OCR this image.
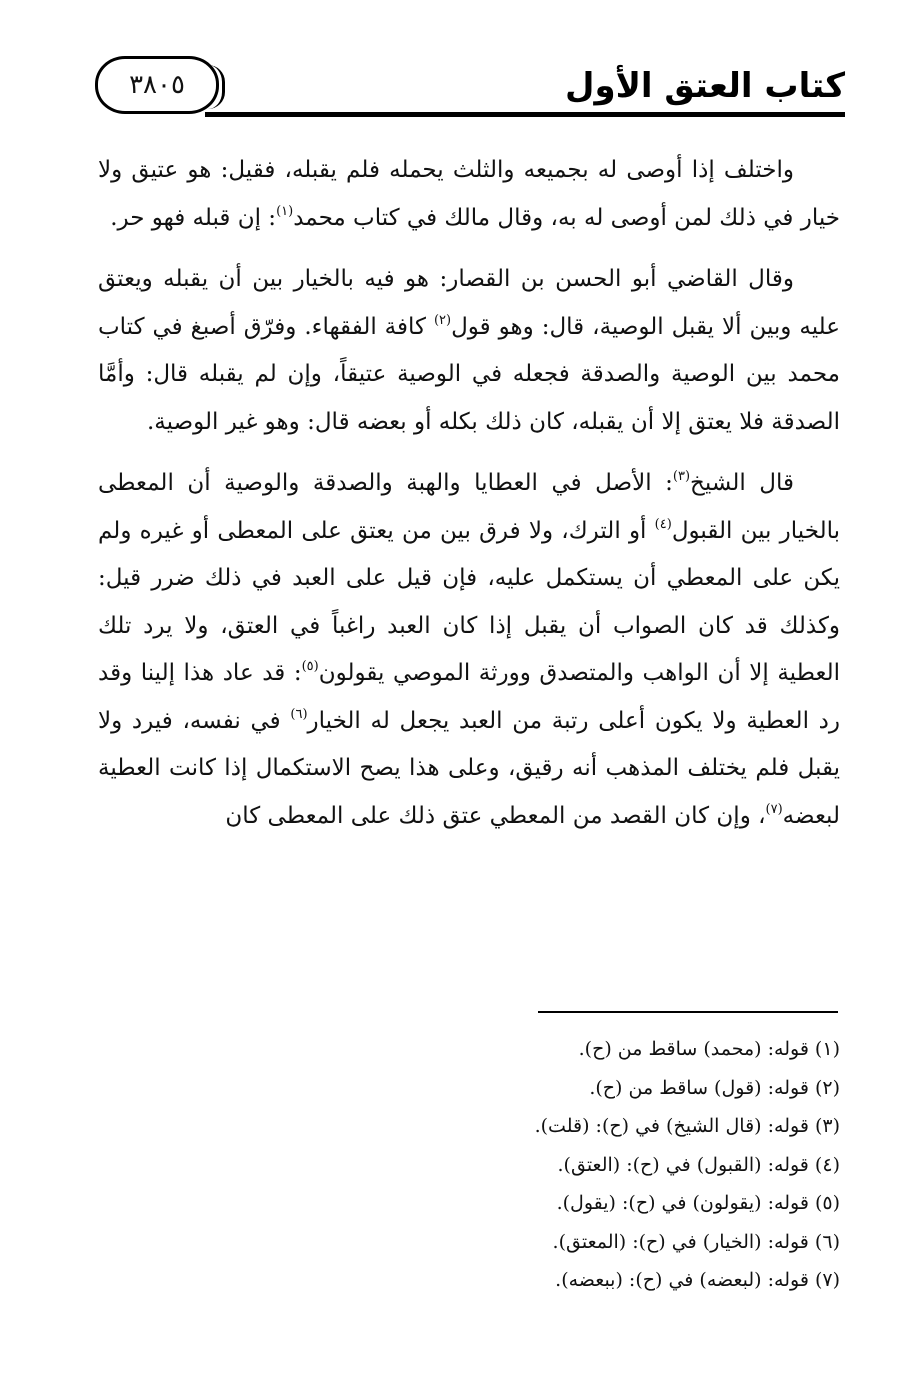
كتاب العتق الأول
٣٨٠٥

واختلف إذا أوصى له بجميعه والثلث يحمله فلم يقبله، فقيل: هو عتيق ولا خيار في ذلك لمن أوصى له به، وقال مالك في كتاب محمد$^{(١)}$: إن قبله فهو حر.

وقال القاضي أبو الحسن بن القصار: هو فيه بالخيار بين أن يقبله ويعتق عليه وبين ألا يقبل الوصية، قال: وهو قول$^{(٢)}$ كافة الفقهاء. وفرّق أصبغ في كتاب محمد بين الوصية والصدقة فجعله في الوصية عتيقاً، وإن لم يقبله قال: وأمَّا الصدقة فلا يعتق إلا أن يقبله، كان ذلك بكله أو بعضه قال: وهو غير الوصية.

قال الشيخ$^{(٣)}$: الأصل في العطايا والهبة والصدقة والوصية أن المعطى بالخيار بين القبول$^{(٤)}$ أو الترك، ولا فرق بين من يعتق على المعطى أو غيره ولم يكن على المعطي أن يستكمل عليه، فإن قيل على العبد في ذلك ضرر قيل: وكذلك قد كان الصواب أن يقبل إذا كان العبد راغباً في العتق، ولا يرد تلك العطية إلا أن الواهب والمتصدق وورثة الموصي يقولون$^{(٥)}$: قد عاد هذا إلينا وقد رد العطية ولا يكون أعلى رتبة من العبد يجعل له الخيار$^{(٦)}$ في نفسه، فيرد ولا يقبل فلم يختلف المذهب أنه رقيق، وعلى هذا يصح الاستكمال إذا كانت العطية لبعضه$^{(٧)}$، وإن كان القصد من المعطي عتق ذلك على المعطى كان

(١) قوله: (محمد) ساقط من (ح).
(٢) قوله: (قول) ساقط من (ح).
(٣) قوله: (قال الشيخ) في (ح): (قلت).
(٤) قوله: (القبول) في (ح): (العتق).
(٥) قوله: (يقولون) في (ح): (يقول).
(٦) قوله: (الخيار) في (ح): (المعتق).
(٧) قوله: (لبعضه) في (ح): (ببعضه).
